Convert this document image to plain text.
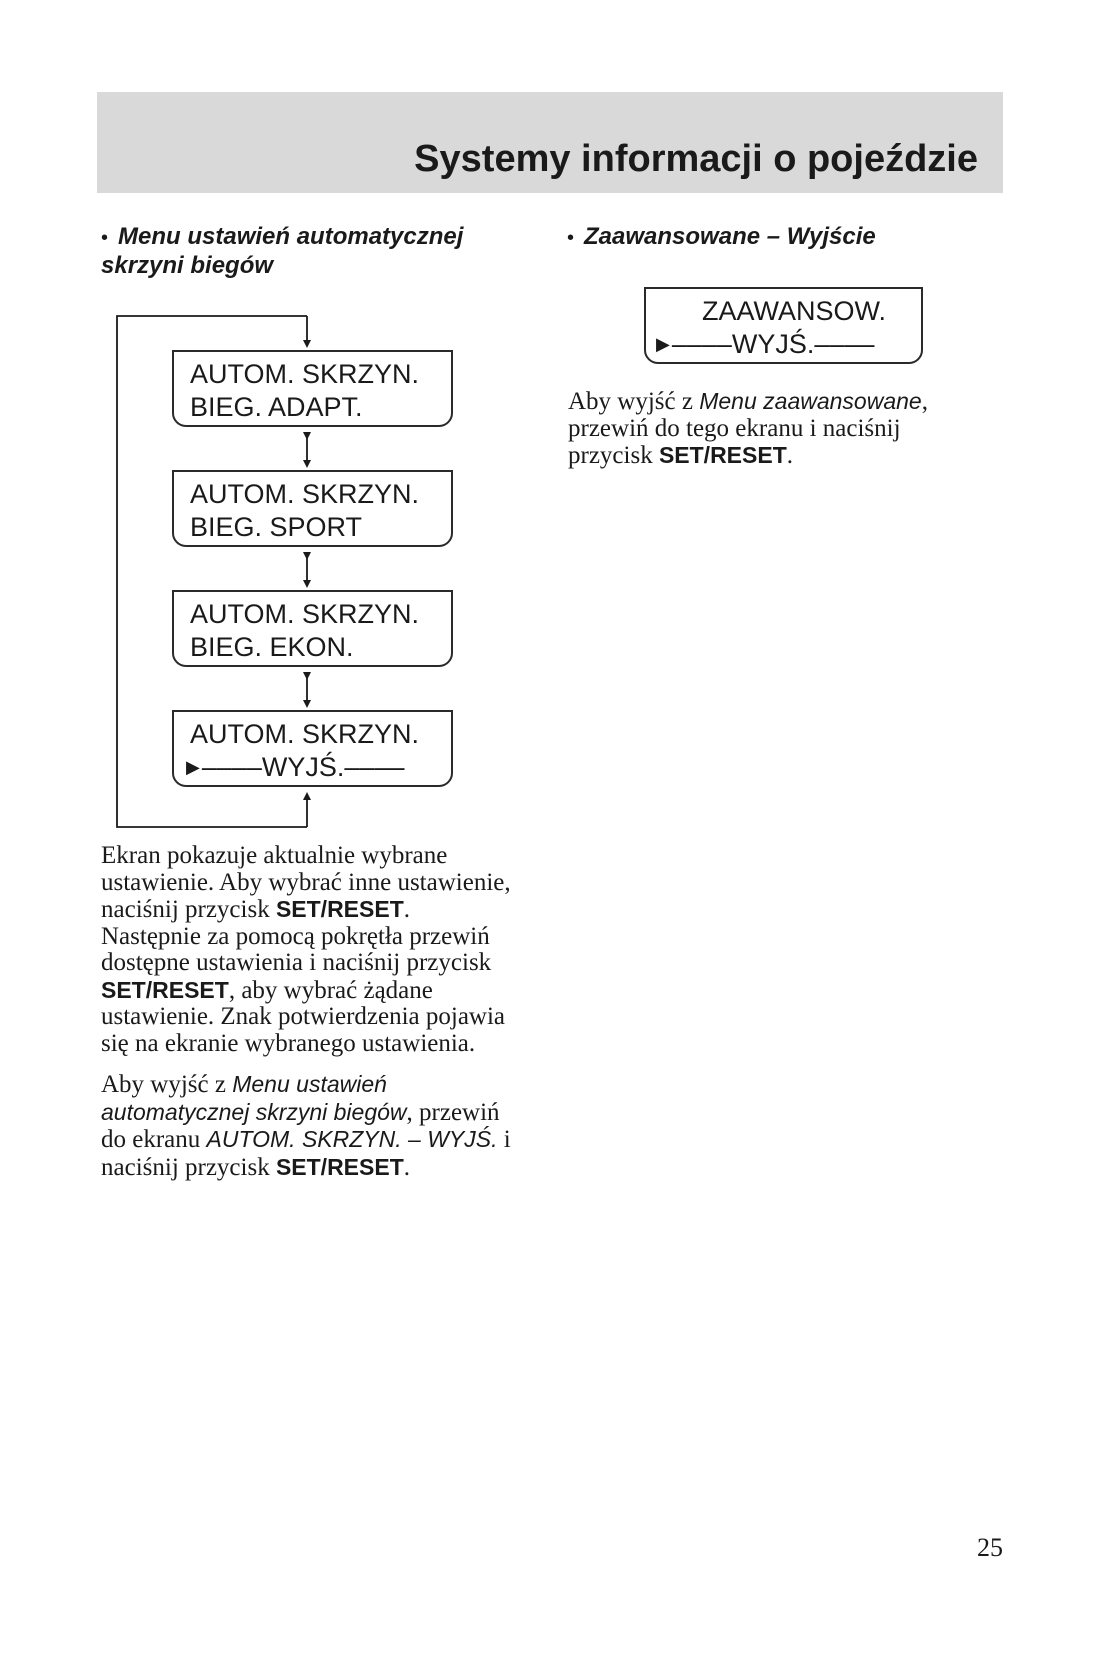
Systemy informacji o pojeździe
• Menu ustawień automatycznej
skrzyni biegów
AUTOM. SKRZYN.
BIEG. ADAPT.
AUTOM. SKRZYN.
BIEG. SPORT
AUTOM. SKRZYN.
BIEG. EKON.
AUTOM. SKRZYN.
▶––––WYJŚ.––––
Ekran pokazuje aktualnie wybrane
ustawienie. Aby wybrać inne ustawienie,
naciśnij przycisk SET/RESET.
Następnie za pomocą pokrętła przewiń
dostępne ustawienia i naciśnij przycisk
SET/RESET, aby wybrać żądane
ustawienie. Znak potwierdzenia pojawia
się na ekranie wybranego ustawienia.
Aby wyjść z Menu ustawień
automatycznej skrzyni biegów, przewiń
do ekranu AUTOM. SKRZYN. – WYJŚ. i
naciśnij przycisk SET/RESET.
• Zaawansowane – Wyjście
ZAAWANSOW.
▶––––WYJŚ.––––
Aby wyjść z Menu zaawansowane,
przewiń do tego ekranu i naciśnij
przycisk SET/RESET.
25
